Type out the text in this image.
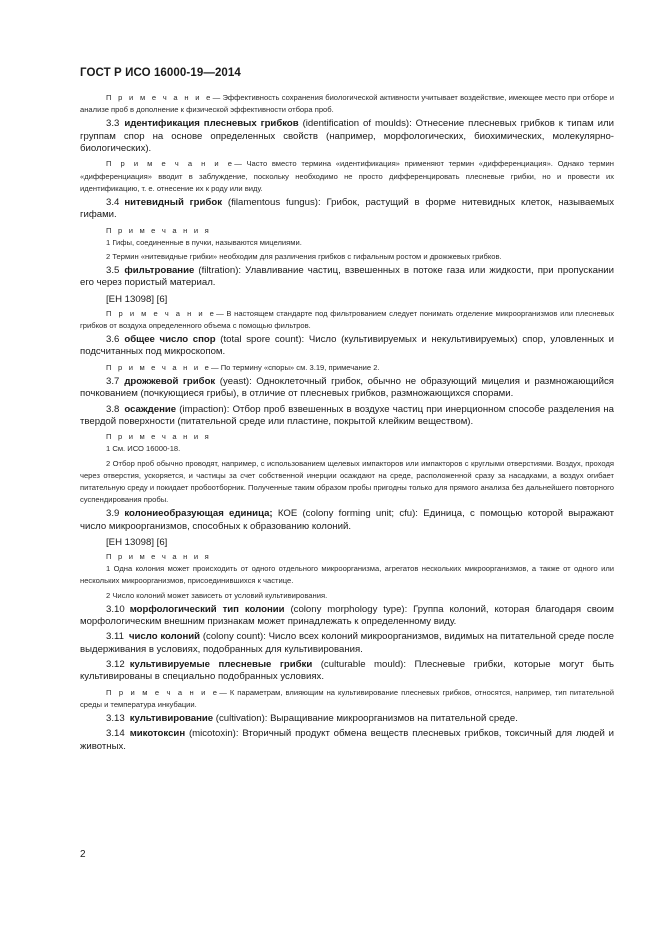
ГОСТ Р ИСО 16000-19—2014

П р и м е ч а н и е— Эффективность сохранения биологической активности учитывает воздействие, имеющее место при отборе и анализе проб в дополнение к физической эффективности отбора проб.

3.3 идентификация плесневых грибков (identification of moulds): Отнесение плесневых грибков к типам или группам спор на основе определенных свойств (например, морфологических, биохимических, молекулярно-биологических).

П р и м е ч а н и е— Часто вместо термина «идентификация» применяют термин «дифференциация». Однако термин «дифференциация» вводит в заблуждение, поскольку необходимо не просто дифференцировать плесневые грибки, но и провести их идентификацию, т. е. отнесение их к роду или виду.

3.4 нитевидный грибок (filamentous fungus): Грибок, растущий в форме нитевидных клеток, называемых гифами.

П р и м е ч а н и я

1 Гифы, соединенные в пучки, называются мицелиями.

2 Термин «нитевидные грибки» необходим для различения грибков с гифальным ростом и дрожжевых грибков.

3.5 фильтрование (filtration): Улавливание частиц, взвешенных в потоке газа или жидкости, при пропускании его через пористый материал.

[ЕН 13098] [6]

П р и м е ч а н и е— В настоящем стандарте под фильтрованием следует понимать отделение микроорганизмов или плесневых грибков от воздуха определенного объема с помощью фильтров.

3.6 общее число спор (total spore count): Число (культивируемых и некультивируемых) спор, уловленных и подсчитанных под микроскопом.

П р и м е ч а н и е— По термину «споры» см. 3.19, примечание 2.

3.7 дрожжевой грибок (yeast): Одноклеточный грибок, обычно не образующий мицелия и размножающийся почкованием (почкующиеся грибы), в отличие от плесневых грибков, размножающихся спорами.

3.8 осаждение (impaction): Отбор проб взвешенных в воздухе частиц при инерционном способе разделения на твердой поверхности (питательной среде или пластине, покрытой клейким веществом).

П р и м е ч а н и я

1 См. ИСО 16000-18.

2 Отбор проб обычно проводят, например, с использованием щелевых импакторов или импакторов с круглыми отверстиями. Воздух, проходя через отверстия, ускоряется, и частицы за счет собственной инерции осаждают на среде, расположенной сразу за насадками, а воздух огибает питательную среду и покидает пробоотборник. Полученные таким образом пробы пригодны только для прямого анализа без дальнейшего повторного суспендирования пробы.

3.9 колониеобразующая единица; КОЕ (colony forming unit; cfu): Единица, с помощью которой выражают число микроорганизмов, способных к образованию колоний.

[ЕН 13098] [6]

П р и м е ч а н и я

1 Одна колония может происходить от одного отдельного микроорганизма, агрегатов нескольких микроорганизмов, а также от одного или нескольких микроорганизмов, присоединившихся к частице.

2 Число колоний может зависеть от условий культивирования.

3.10 морфологический тип колонии (colony morphology type): Группа колоний, которая благодаря своим морфологическим внешним признакам может принадлежать к определенному виду.

3.11 число колоний (colony count): Число всех колоний микроорганизмов, видимых на питательной среде после выдерживания в условиях, подобранных для культивирования.

3.12 культивируемые плесневые грибки (culturable mould): Плесневые грибки, которые могут быть культивированы в специально подобранных условиях.

П р и м е ч а н и е— К параметрам, влияющим на культивирование плесневых грибков, относятся, например, тип питательной среды и температура инкубации.

3.13 культивирование (cultivation): Выращивание микроорганизмов на питательной среде.

3.14 микотоксин (micotoxin): Вторичный продукт обмена веществ плесневых грибков, токсичный для людей и животных.

2
